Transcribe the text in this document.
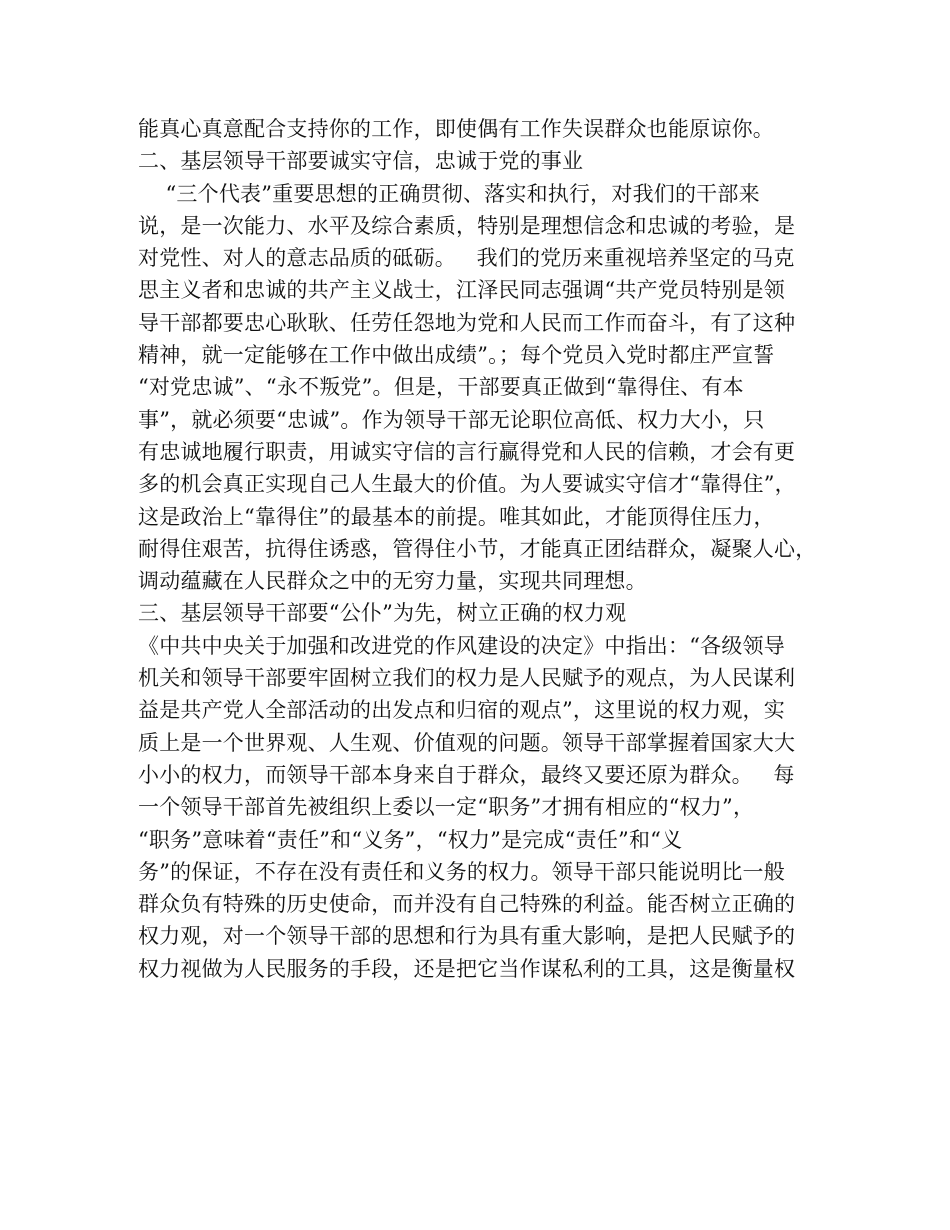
能真心真意配合支持你的工作，即使偶有工作失误群众也能原谅你。
二、基层领导干部要诚实守信，忠诚于党的事业
“三个代表”重要思想的正确贯彻、落实和执行，对我们的干部来
说，是一次能力、水平及综合素质，特别是理想信念和忠诚的考验，是
对党性、对人的意志品质的砥砺。   我们的党历来重视培养坚定的马克
思主义者和忠诚的共产主义战士，江泽民同志强调“共产党员特别是领
导干部都要忠心耿耿、任劳任怨地为党和人民而工作而奋斗，有了这种
精神，就一定能够在工作中做出成绩”。；每个党员入党时都庄严宣誓
“对党忠诚”、“永不叛党”。但是，干部要真正做到“靠得住、有本
事”，就必须要“忠诚”。作为领导干部无论职位高低、权力大小，只
有忠诚地履行职责，用诚实守信的言行赢得党和人民的信赖，才会有更
多的机会真正实现自己人生最大的价值。为人要诚实守信才“靠得住”，
这是政治上“靠得住”的最基本的前提。唯其如此，才能顶得住压力，
耐得住艰苦，抗得住诱惑，管得住小节，才能真正团结群众，凝聚人心，
调动蕴藏在人民群众之中的无穷力量，实现共同理想。
三、基层领导干部要“公仆”为先，树立正确的权力观
《中共中央关于加强和改进党的作风建设的决定》中指出：“各级领导
机关和领导干部要牢固树立我们的权力是人民赋予的观点，为人民谋利
益是共产党人全部活动的出发点和归宿的观点”，这里说的权力观，实
质上是一个世界观、人生观、价值观的问题。领导干部掌握着国家大大
小小的权力，而领导干部本身来自于群众，最终又要还原为群众。   每
一个领导干部首先被组织上委以一定“职务”才拥有相应的“权力”，
“职务”意味着“责任”和“义务”，“权力”是完成“责任”和“义
务”的保证，不存在没有责任和义务的权力。领导干部只能说明比一般
群众负有特殊的历史使命，而并没有自己特殊的利益。能否树立正确的
权力观，对一个领导干部的思想和行为具有重大影响，是把人民赋予的
权力视做为人民服务的手段，还是把它当作谋私利的工具，这是衡量权
